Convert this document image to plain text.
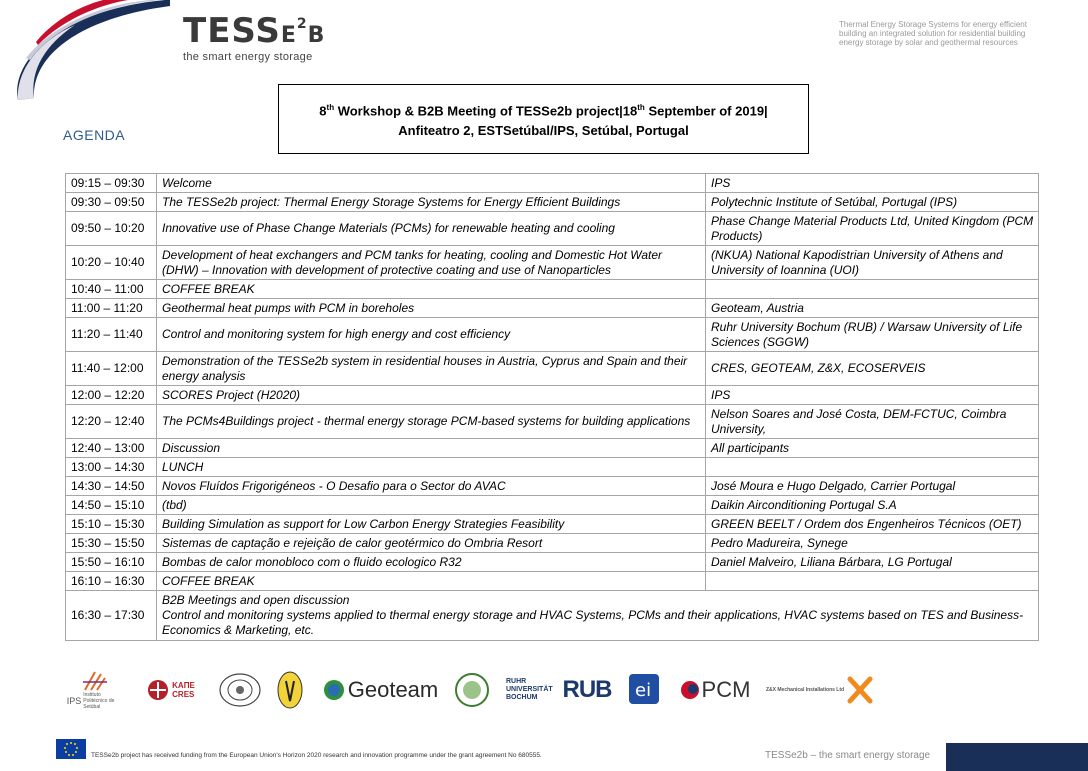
TESSE$^2$B
the smart energy storage
Thermal Energy Storage Systems for energy efficient building an integrated solution for residential building energy storage by solar and geothermal resources
AGENDA
8th Workshop & B2B Meeting of TESSe2b project|18th September of 2019|
Anfiteatro 2, ESTSetúbal/IPS, Setúbal, Portugal
09:15 – 09:30	Welcome	IPS
09:30 – 09:50	The TESSe2b project: Thermal Energy Storage Systems for Energy Efficient Buildings	Polytechnic Institute of Setúbal, Portugal (IPS)
09:50 – 10:20	Innovative use of Phase Change Materials (PCMs) for renewable heating and cooling	Phase Change Material Products Ltd, United Kingdom (PCM Products)
10:20 – 10:40	Development of heat exchangers and PCM tanks for heating, cooling and Domestic Hot Water (DHW) – Innovation with development of protective coating and use of Nanoparticles	(NKUA) National Kapodistrian University of Athens and University of Ioannina (UOI)
10:40 – 11:00	COFFEE BREAK	
11:00 – 11:20	Geothermal heat pumps with PCM in boreholes	Geoteam, Austria
11:20 – 11:40	Control and monitoring system for high energy and cost efficiency	Ruhr University Bochum (RUB) / Warsaw University of Life Sciences (SGGW)
11:40 – 12:00	Demonstration of the TESSe2b system in residential houses in Austria, Cyprus and Spain and their energy analysis	CRES, GEOTEAM, Z&X, ECOSERVEIS
12:00 – 12:20	SCORES Project (H2020)	IPS
12:20 – 12:40	The PCMs4Buildings project - thermal energy storage PCM-based systems for building applications	Nelson Soares and José Costa, DEM-FCTUC, Coimbra University,
12:40 – 13:00	Discussion	All participants
13:00 – 14:30	LUNCH	
14:30 – 14:50	Novos Fluídos Frigorigéneos - O Desafio para o Sector do AVAC	José Moura e Hugo Delgado, Carrier Portugal
14:50 – 15:10	(tbd)	Daikin Airconditioning Portugal S.A
15:10 – 15:30	Building Simulation as support for Low Carbon Energy Strategies Feasibility	GREEN BEELT / Ordem dos Engenheiros Técnicos (OET)
15:30 – 15:50	Sistemas de captação e rejeição de calor geotérmico do Ombria Resort	Pedro Madureira, Synege
15:50 – 16:10	Bombas de calor monobloco com o fluido ecologico R32	Daniel Malveiro, Liliana Bárbara, LG Portugal
16:10 – 16:30	COFFEE BREAK	
16:30 – 17:30	B2B Meetings and open discussion
Control and monitoring systems applied to thermal energy storage and HVAC Systems, PCMs and their applications, HVAC systems based on TES and Business-Economics & Marketing, etc.	
IPS
Instituto Politécnico de Setúbal
ΚΑΠΕ
CRES	Geoteam	RUHR UNIVERSITÄT BOCHUM	RUB ei PCM	Z&X Mechanical Installations Ltd
TESSe2b project has received funding from the European Union's Horizon 2020 research and innovation programme under the grant agreement No 680555.	TESSe2b – the smart energy storage
